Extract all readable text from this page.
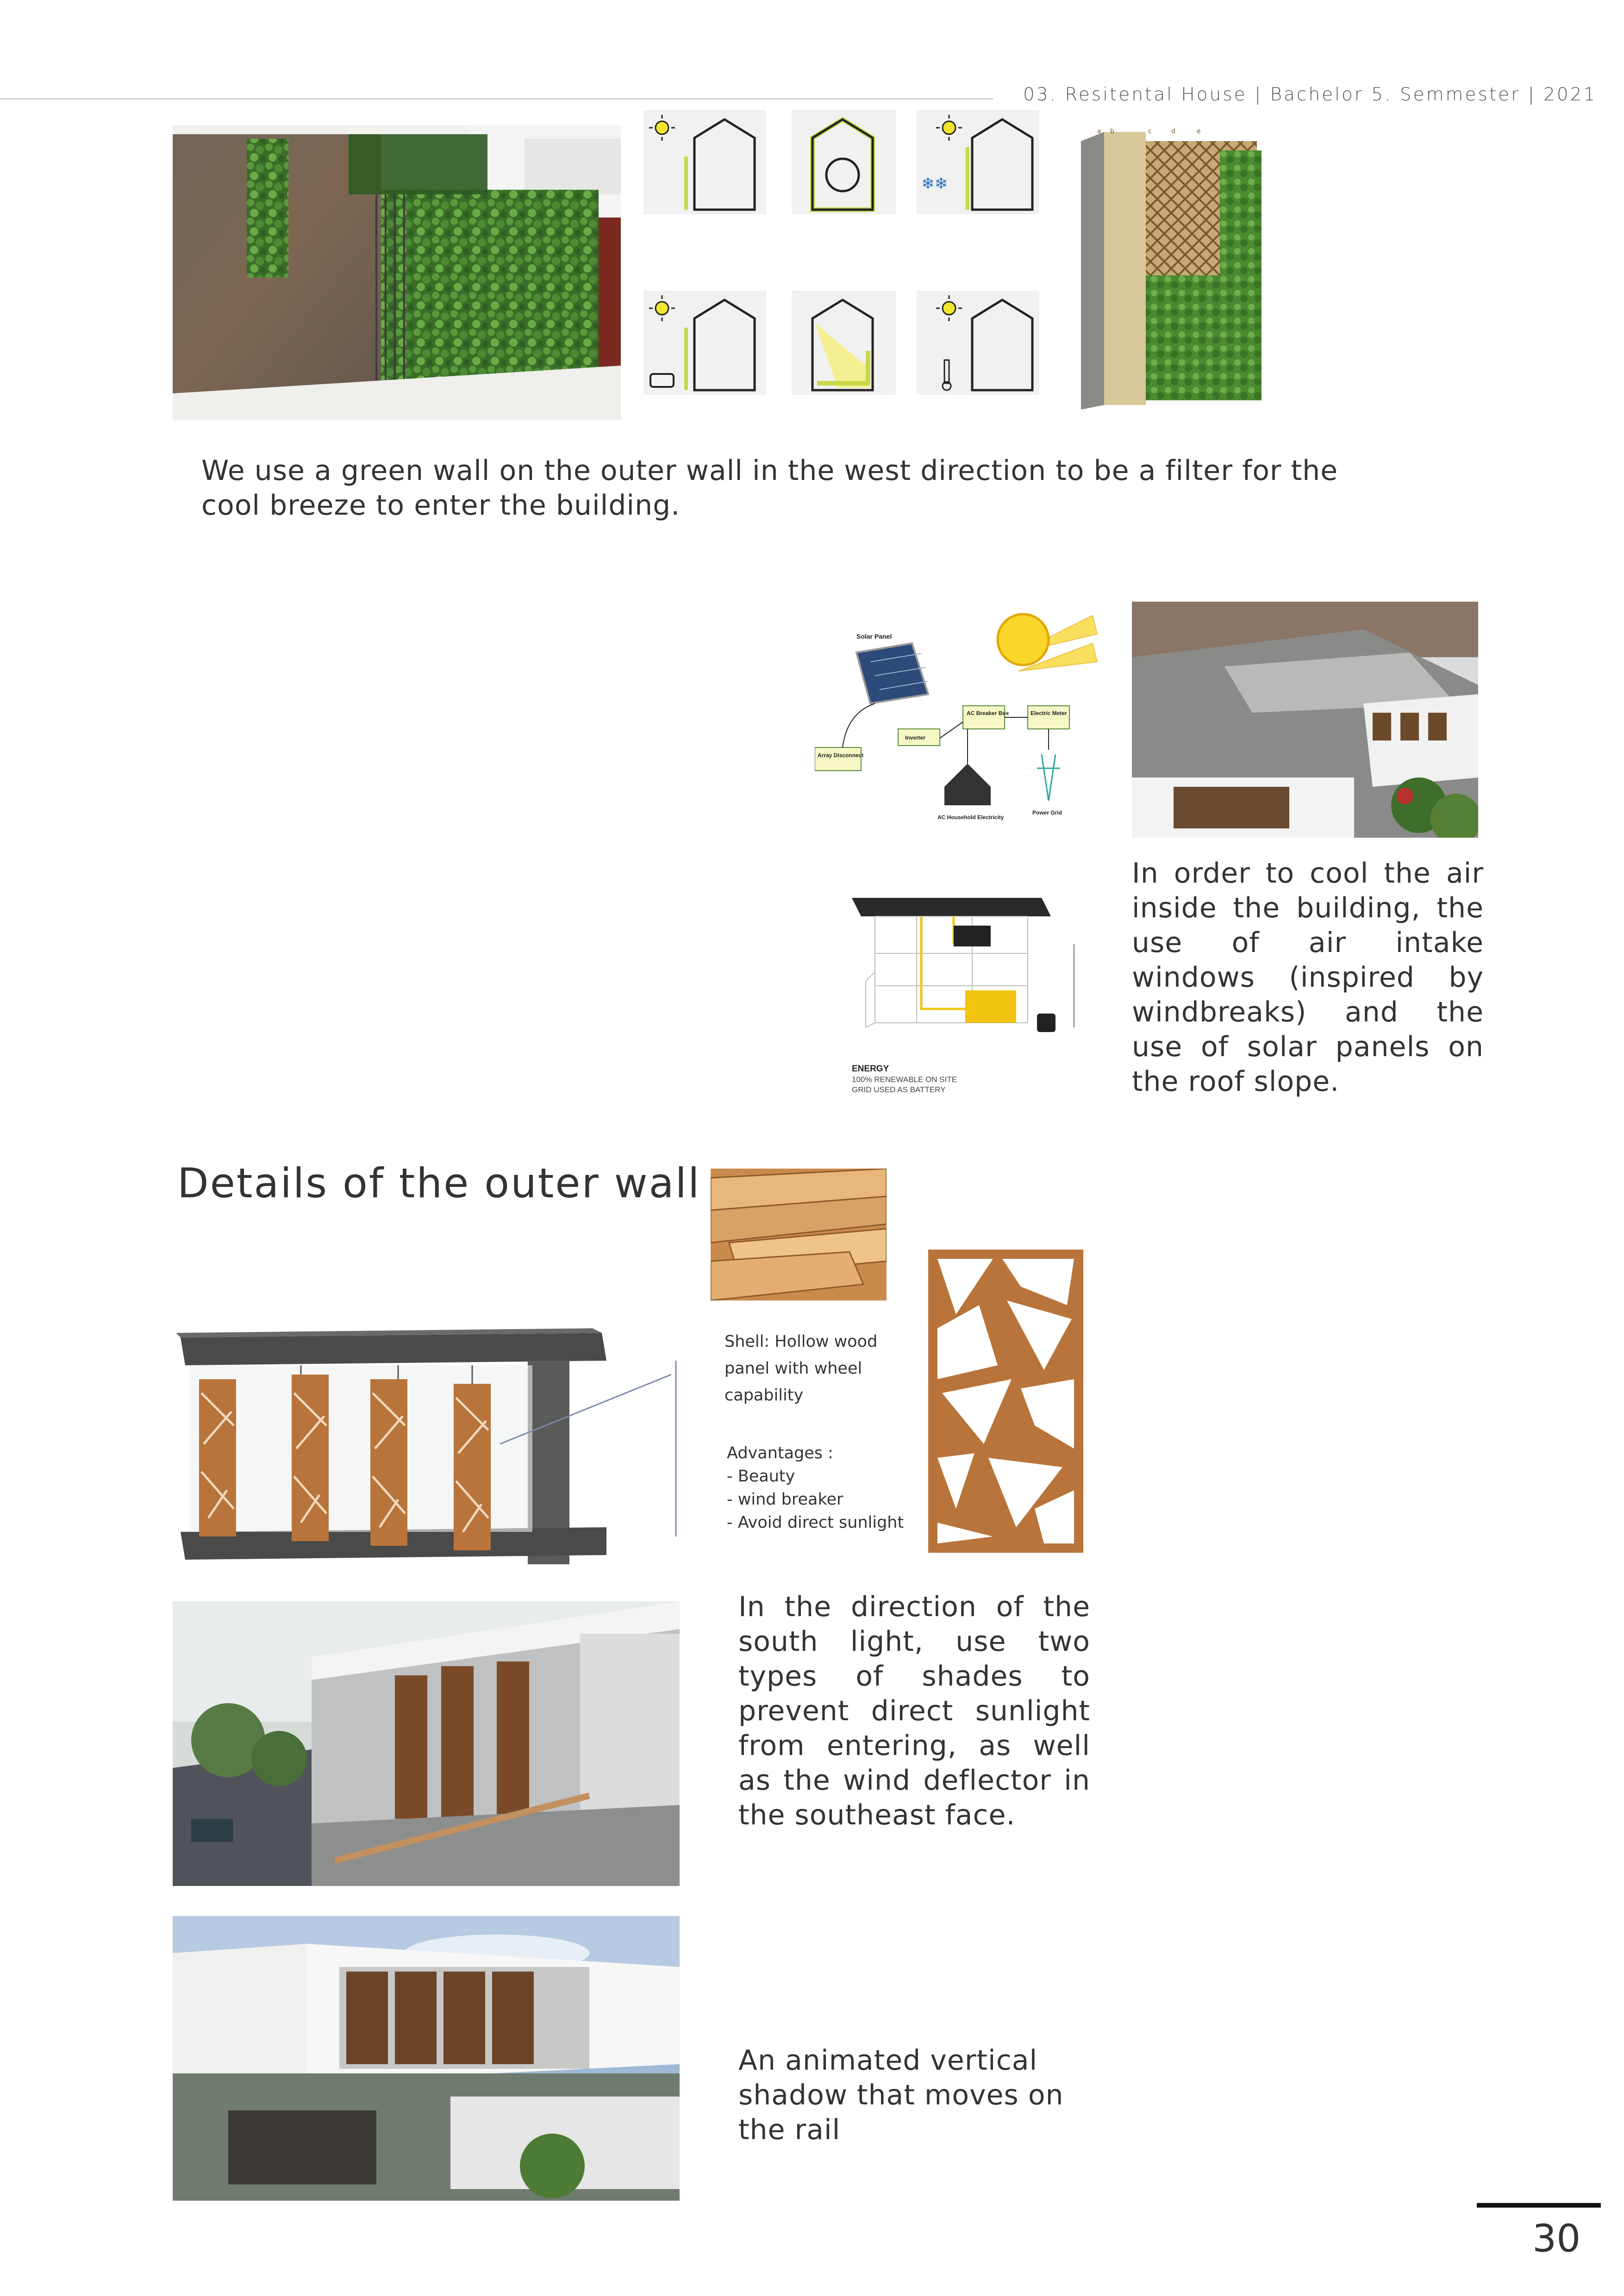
03. Resitental House | Bachelor 5. Semmester | 2021
❄❄
a b	c	d	e
We use a green wall on the outer wall in the west direction to be a filter for the cool breeze to enter the building.
Solar Panel
AC Breaker Box	Electric Meter
Inverter
Array Disconnect
AC Household Electricity
Power Grid
In order to cool the air inside the building, the use of air intake windows (inspired by windbreaks) and the use of solar panels on the roof slope.
ENERGY
100% RENEWABLE ON SITE
GRID USED AS BATTERY
Details of the outer wall
Shell: Hollow wood panel with wheel capability
Advantages :
- Beauty
- wind breaker
- Avoid direct sunlight
In the direction of the south light, use two types of shades to prevent direct sunlight from entering, as well as the wind deflector in the southeast face.
An animated vertical shadow that moves on the rail
30
